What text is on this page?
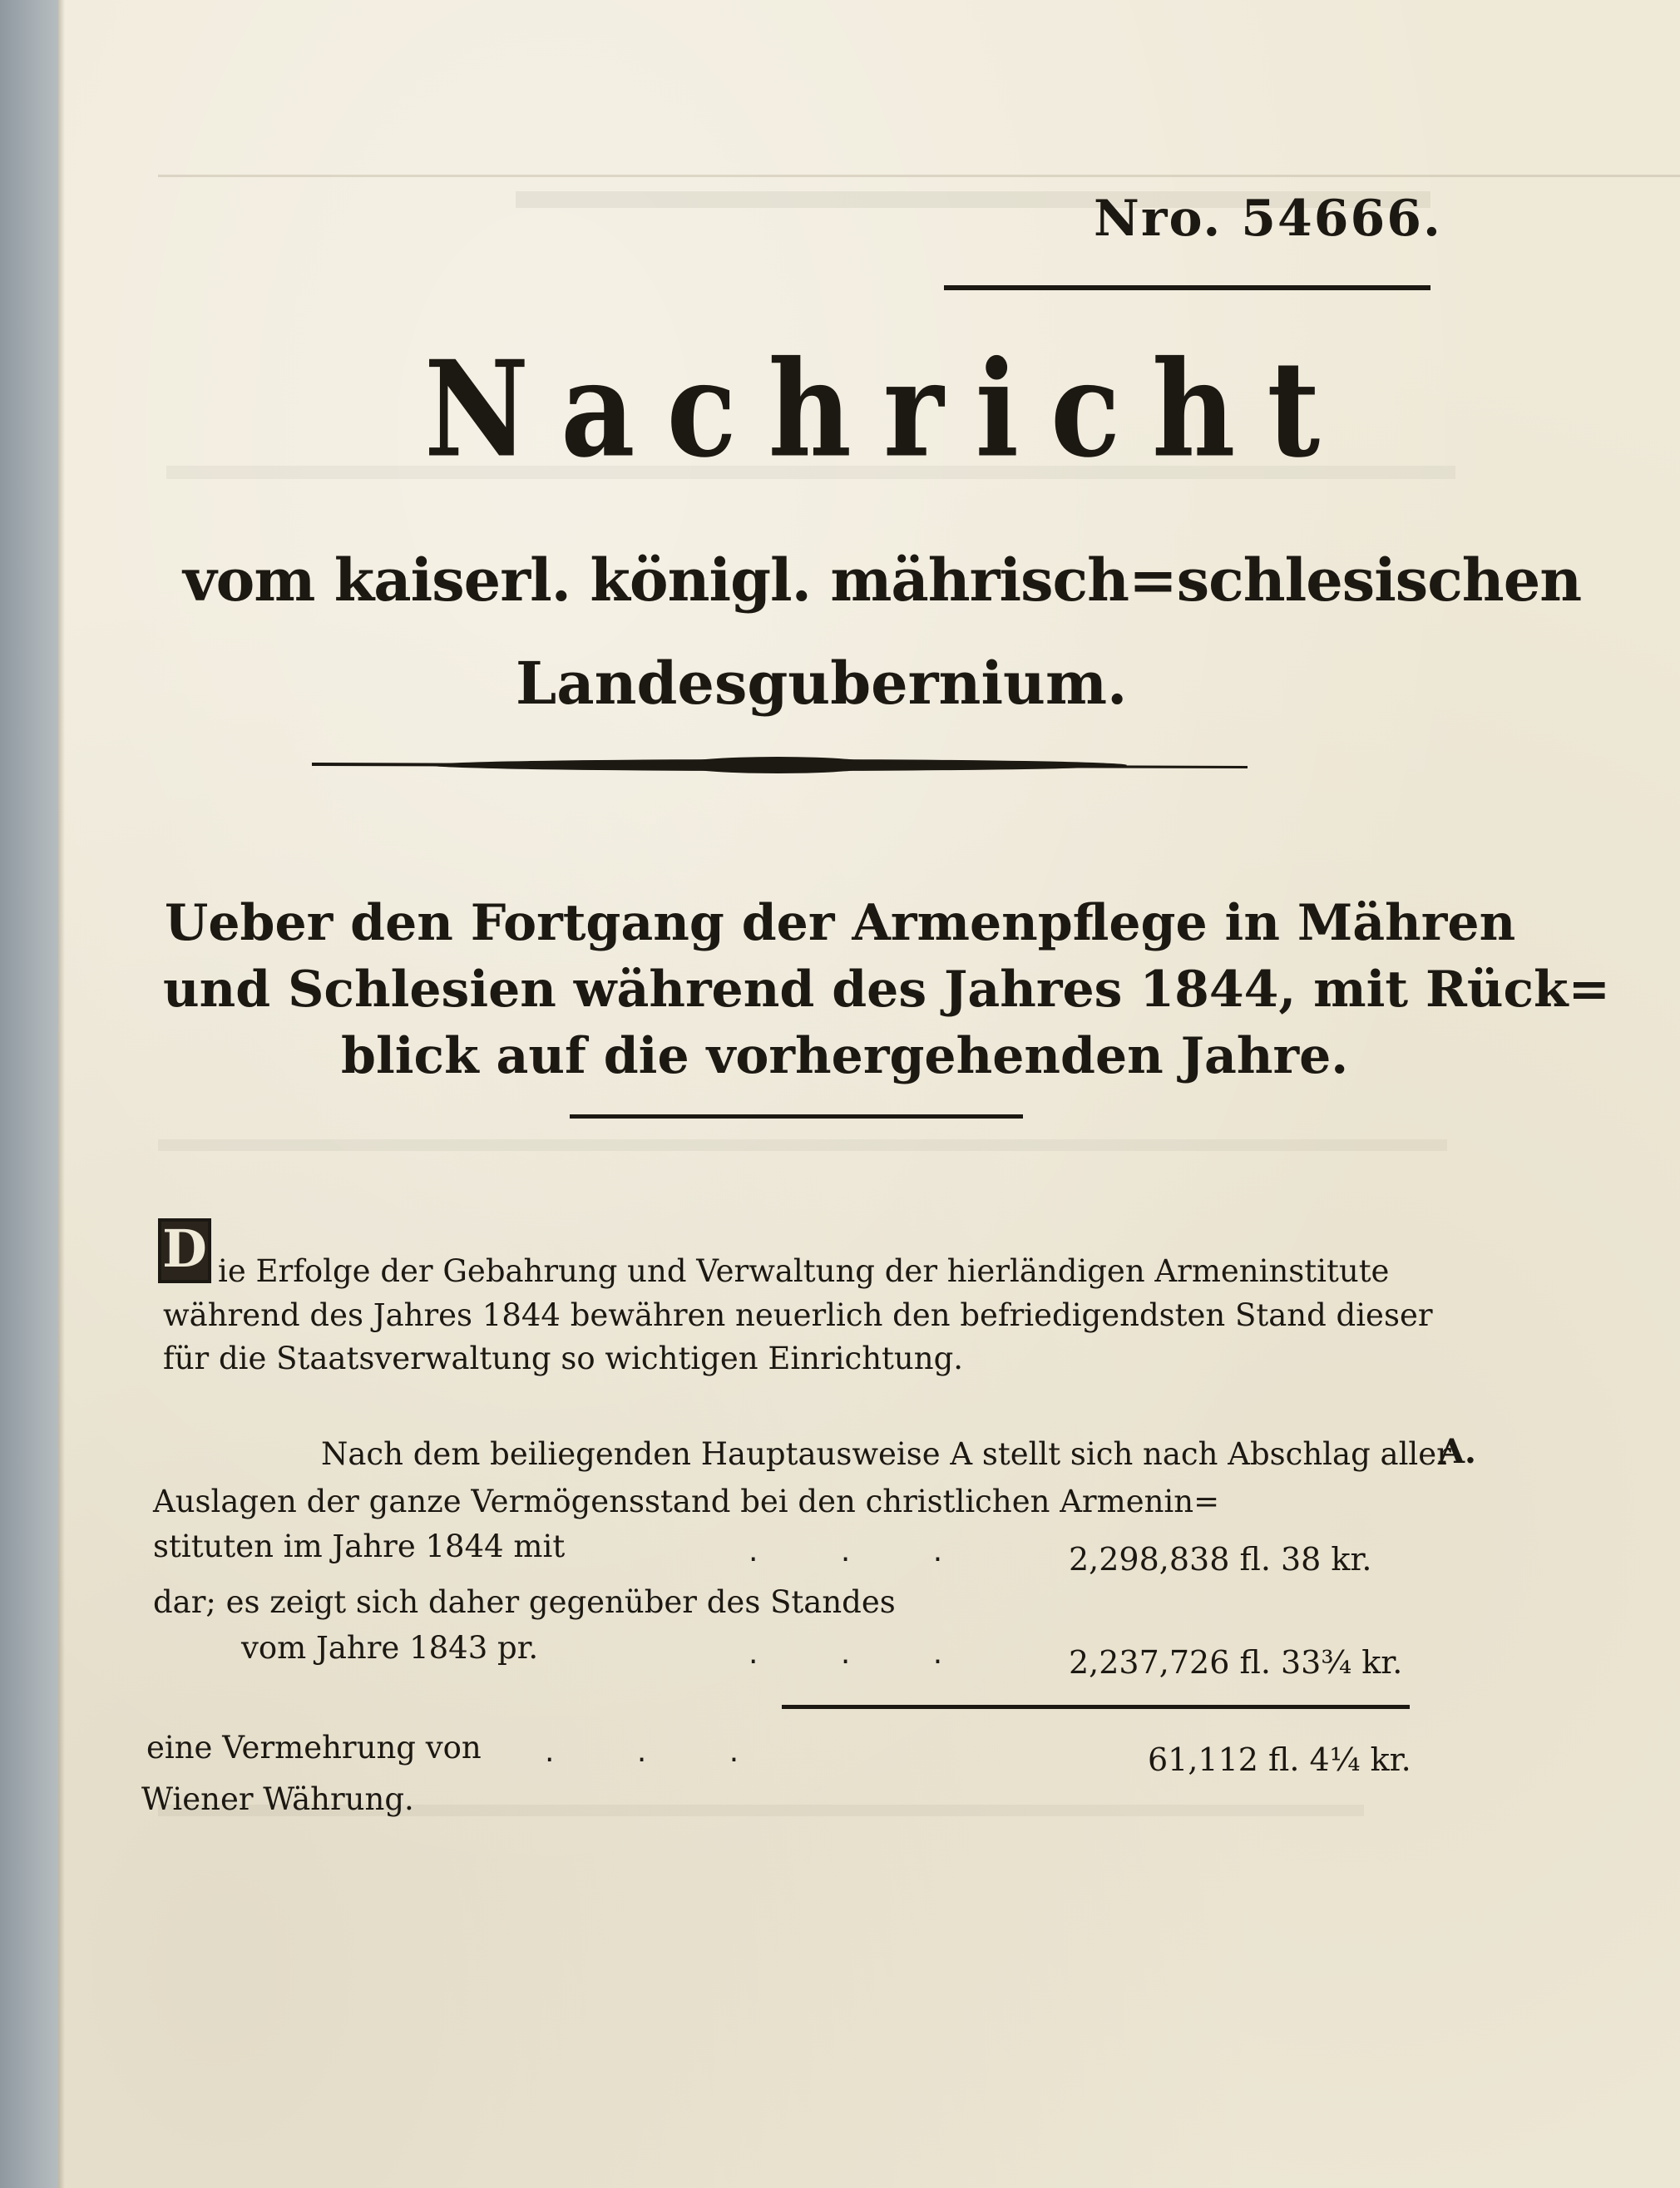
Nro. 54666.
Nachricht
vom kaiserl. königl. mährisch=schlesischen
Landesgubernium.
Ueber den Fortgang der Armenpflege in Mähren
und Schlesien während des Jahres 1844, mit Rück=
blick auf die vorhergehenden Jahre.
D ie Erfolge der Gebahrung und Verwaltung der hierländigen Armeninstitute
während des Jahres 1844 bewähren neuerlich den befriedigendsten Stand dieser
für die Staatsverwaltung so wichtigen Einrichtung.
Nach dem beiliegenden Hauptausweise A stellt sich nach Abschlag aller
A.
Auslagen der ganze Vermögensstand bei den christlichen Armenin=
stituten im Jahre 1844 mit	. . .	2,298,838 fl. 38 kr.
dar; es zeigt sich daher gegenüber des Standes
vom Jahre 1843 pr.	. . .	2,237,726 fl. 33¾ kr.
eine Vermehrung von . . .	61,112 fl. 4¼ kr.
Wiener Währung.
